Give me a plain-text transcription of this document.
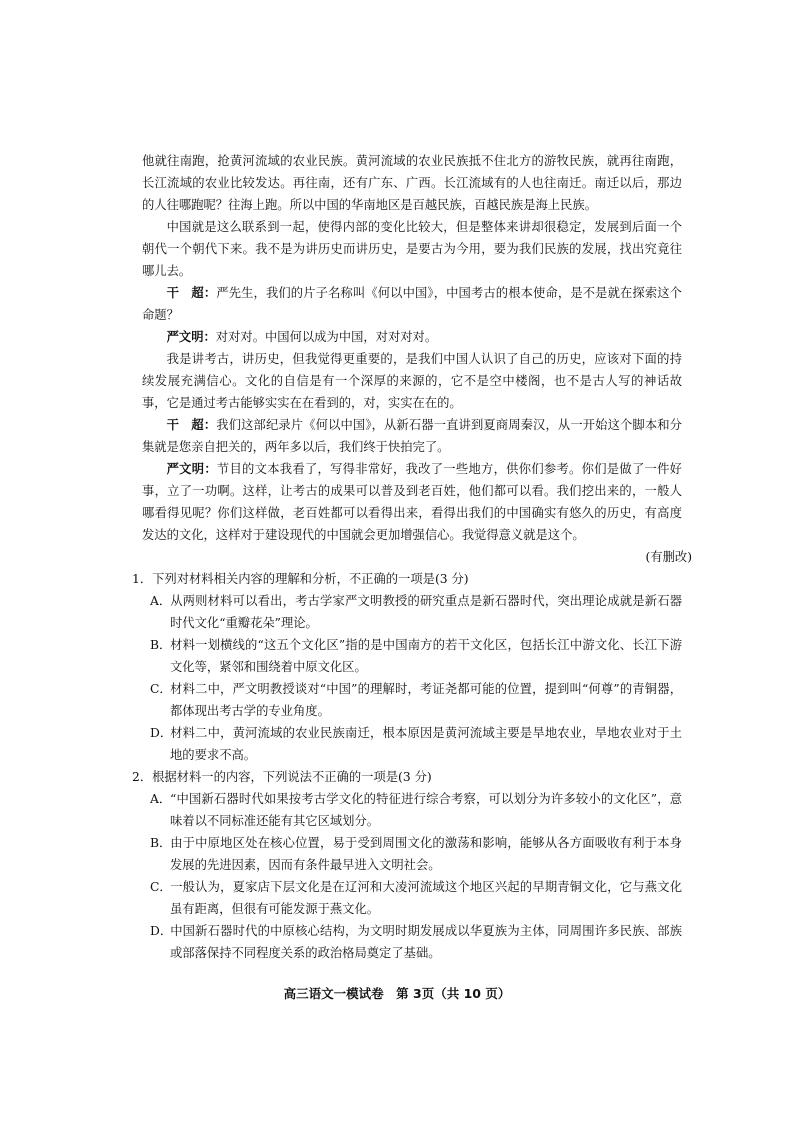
他就往南跑，抢黄河流域的农业民族。黄河流域的农业民族抵不住北方的游牧民族，就再往南跑，长江流域的农业比较发达。再往南，还有广东、广西。长江流域有的人也往南迁。南迁以后，那边的人往哪跑呢？往海上跑。所以中国的华南地区是百越民族，百越民族是海上民族。

中国就是这么联系到一起，使得内部的变化比较大，但是整体来讲却很稳定，发展到后面一个朝代一个朝代下来。我不是为讲历史而讲历史，是要古为今用，要为我们民族的发展，找出究竟往哪儿去。

干　超：严先生，我们的片子名称叫《何以中国》，中国考古的根本使命，是不是就在探索这个命题？

严文明：对对对。中国何以成为中国，对对对对。

我是讲考古，讲历史，但我觉得更重要的，是我们中国人认识了自己的历史，应该对下面的持续发展充满信心。文化的自信是有一个深厚的来源的，它不是空中楼阁，也不是古人写的神话故事，它是通过考古能够实实在在看到的，对，实实在在的。

干　超：我们这部纪录片《何以中国》，从新石器一直讲到夏商周秦汉，从一开始这个脚本和分集就是您亲自把关的，两年多以后，我们终于快拍完了。

严文明：节目的文本我看了，写得非常好，我改了一些地方，供你们参考。你们是做了一件好事，立了一功啊。这样，让考古的成果可以普及到老百姓，他们都可以看。我们挖出来的，一般人哪看得见呢？你们这样做，老百姓都可以看得出来，看得出我们的中国确实有悠久的历史，有高度发达的文化，这样对于建设现代的中国就会更加增强信心。我觉得意义就是这个。

(有删改)

1．下列对材料相关内容的理解和分析，不正确的一项是(3 分)

A．从两则材料可以看出，考古学家严文明教授的研究重点是新石器时代，突出理论成就是新石器时代文化“重瓣花朵”理论。

B．材料一划横线的“这五个文化区”指的是中国南方的若干文化区，包括长江中游文化、长江下游文化等，紧邻和围绕着中原文化区。

C．材料二中，严文明教授谈对“中国”的理解时，考证尧都可能的位置，提到叫“何尊”的青铜器，都体现出考古学的专业角度。

D．材料二中，黄河流域的农业民族南迁，根本原因是黄河流域主要是旱地农业，旱地农业对于土地的要求不高。

2．根据材料一的内容，下列说法不正确的一项是(3 分)

A．“中国新石器时代如果按考古学文化的特征进行综合考察，可以划分为许多较小的文化区”，意味着以不同标准还能有其它区域划分。

B．由于中原地区处在核心位置，易于受到周围文化的激荡和影响，能够从各方面吸收有利于本身发展的先进因素，因而有条件最早进入文明社会。

C．一般认为，夏家店下层文化是在辽河和大凌河流域这个地区兴起的早期青铜文化，它与燕文化虽有距离，但很有可能发源于燕文化。

D．中国新石器时代的中原核心结构，为文明时期发展成以华夏族为主体，同周围许多民族、部族或部落保持不同程度关系的政治格局奠定了基础。

高三语文一模试卷　第 3页（共 10 页）
